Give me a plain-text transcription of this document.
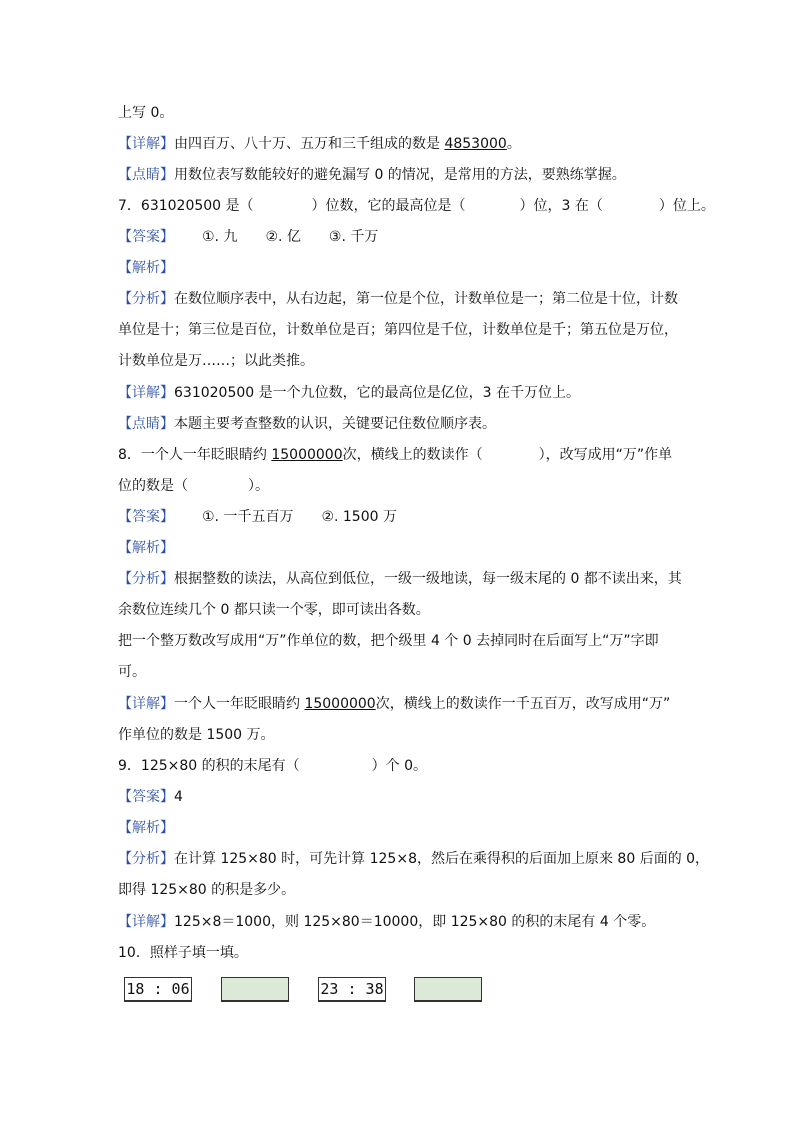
上写 0。
【详解】由四百万、八十万、五万和三千组成的数是 4853000。
【点睛】用数位表写数能较好的避免漏写 0 的情况，是常用的方法，要熟练掌握。
7．631020500 是（	）位数，它的最高位是（	）位，3 在（	）位上。
【答案】 ①. 九　　②. 亿　　③. 千万
【解析】
【分析】在数位顺序表中，从右边起，第一位是个位，计数单位是一；第二位是十位，计数
单位是十；第三位是百位，计数单位是百；第四位是千位，计数单位是千；第五位是万位，
计数单位是万……；以此类推。
【详解】631020500 是一个九位数，它的最高位是亿位，3 在千万位上。
【点睛】本题主要考查整数的认识，关键要记住数位顺序表。
8．一个人一年眨眼睛约 15000000次，横线上的数读作（	），改写成用“万”作单
位的数是（	）。
【答案】 ①. 一千五百万　　②. 1500 万
【解析】
【分析】根据整数的读法，从高位到低位，一级一级地读，每一级末尾的 0 都不读出来，其
余数位连续几个 0 都只读一个零，即可读出各数。
把一个整万数改写成用“万”作单位的数，把个级里 4 个 0 去掉同时在后面写上“万”字即
可。
【详解】一个人一年眨眼睛约 15000000次，横线上的数读作一千五百万，改写成用“万”
作单位的数是 1500 万。
9．125×80 的积的末尾有（	）个 0。
【答案】4
【解析】
【分析】在计算 125×80 时，可先计算 125×8，然后在乘得积的后面加上原来 80 后面的 0，
即得 125×80 的积是多少。
【详解】125×8＝1000，则 125×80＝10000，即 125×80 的积的末尾有 4 个零。
10．照样子填一填。
18 : 06	23 : 38
